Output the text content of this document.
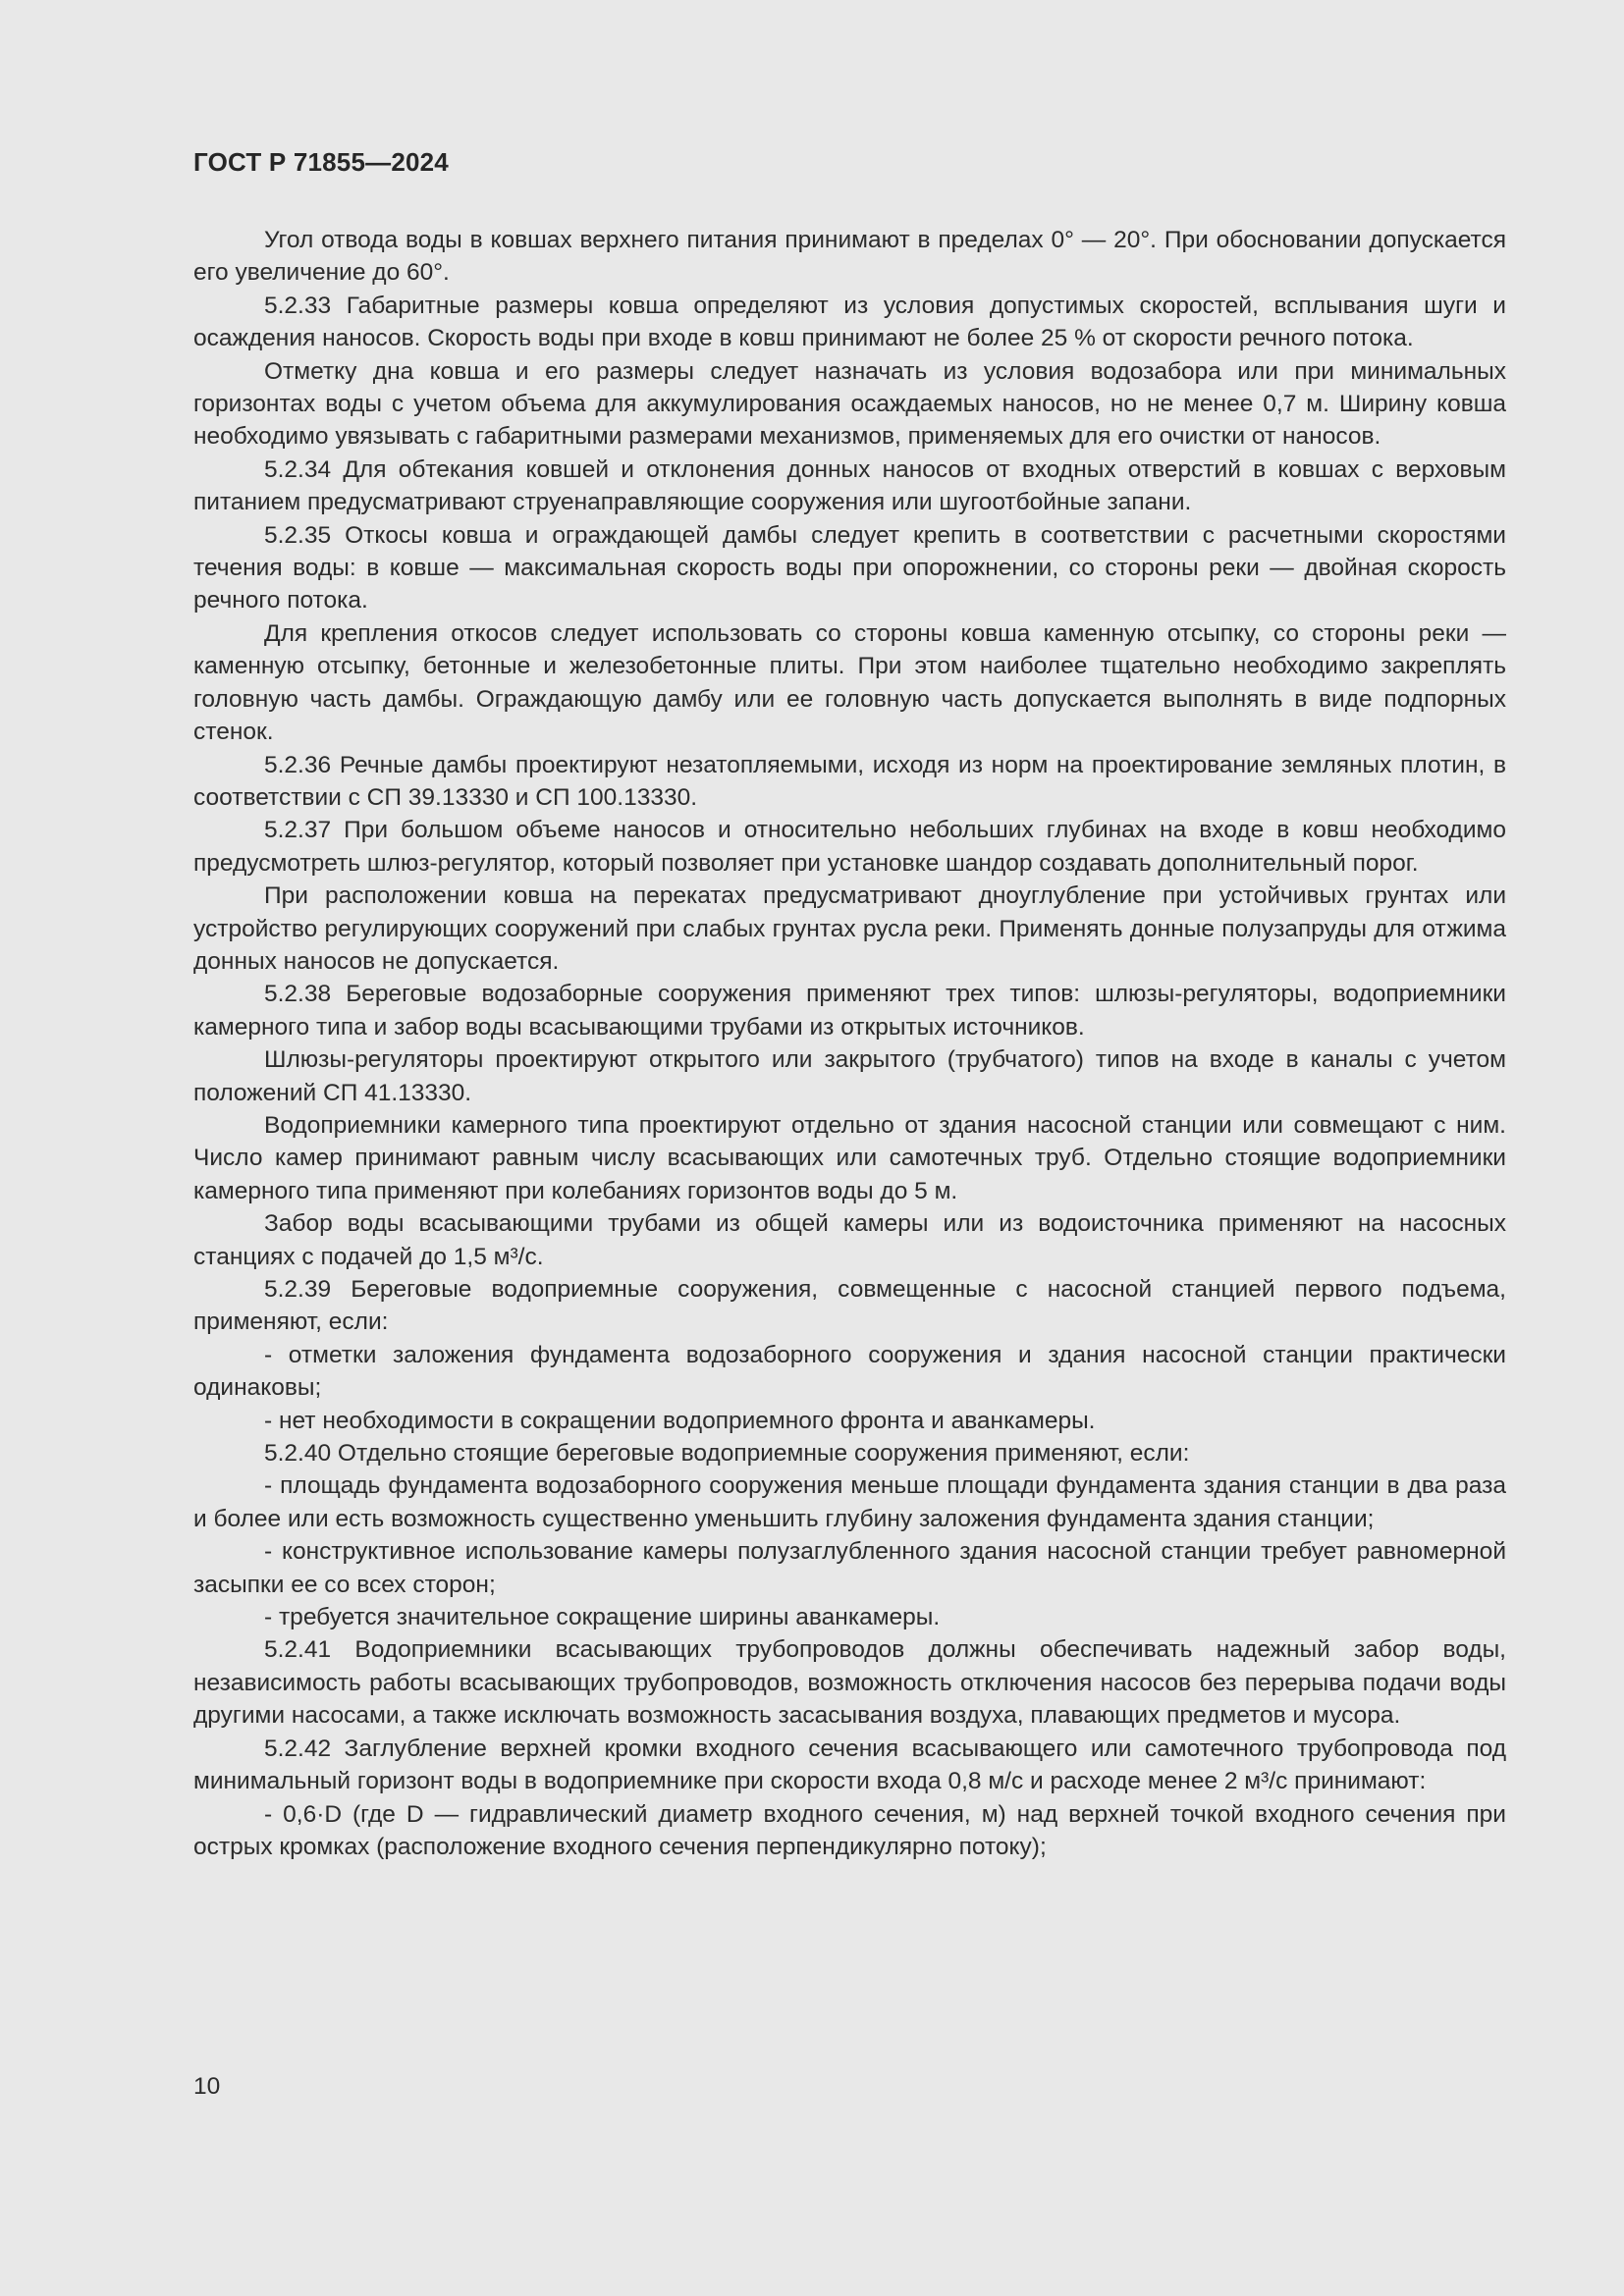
ГОСТ Р 71855—2024

Угол отвода воды в ковшах верхнего питания принимают в пределах 0° — 20°. При обосновании допускается его увеличение до 60°.

5.2.33 Габаритные размеры ковша определяют из условия допустимых скоростей, всплывания шуги и осаждения наносов. Скорость воды при входе в ковш принимают не более 25 % от скорости речного потока.

Отметку дна ковша и его размеры следует назначать из условия водозабора или при минимальных горизонтах воды с учетом объема для аккумулирования осаждаемых наносов, но не менее 0,7 м. Ширину ковша необходимо увязывать с габаритными размерами механизмов, применяемых для его очистки от наносов.

5.2.34 Для обтекания ковшей и отклонения донных наносов от входных отверстий в ковшах с верховым питанием предусматривают струенаправляющие сооружения или шугоотбойные запани.

5.2.35 Откосы ковша и ограждающей дамбы следует крепить в соответствии с расчетными скоростями течения воды: в ковше — максимальная скорость воды при опорожнении, со стороны реки — двойная скорость речного потока.

Для крепления откосов следует использовать со стороны ковша каменную отсыпку, со стороны реки — каменную отсыпку, бетонные и железобетонные плиты. При этом наиболее тщательно необходимо закреплять головную часть дамбы. Ограждающую дамбу или ее головную часть допускается выполнять в виде подпорных стенок.

5.2.36 Речные дамбы проектируют незатопляемыми, исходя из норм на проектирование земляных плотин, в соответствии с СП 39.13330 и СП 100.13330.

5.2.37 При большом объеме наносов и относительно небольших глубинах на входе в ковш необходимо предусмотреть шлюз-регулятор, который позволяет при установке шандор создавать дополнительный порог.

При расположении ковша на перекатах предусматривают дноуглубление при устойчивых грунтах или устройство регулирующих сооружений при слабых грунтах русла реки. Применять донные полузапруды для отжима донных наносов не допускается.

5.2.38 Береговые водозаборные сооружения применяют трех типов: шлюзы-регуляторы, водоприемники камерного типа и забор воды всасывающими трубами из открытых источников.

Шлюзы-регуляторы проектируют открытого или закрытого (трубчатого) типов на входе в каналы с учетом положений СП 41.13330.

Водоприемники камерного типа проектируют отдельно от здания насосной станции или совмещают с ним. Число камер принимают равным числу всасывающих или самотечных труб. Отдельно стоящие водоприемники камерного типа применяют при колебаниях горизонтов воды до 5 м.

Забор воды всасывающими трубами из общей камеры или из водоисточника применяют на насосных станциях с подачей до 1,5 м³/с.

5.2.39 Береговые водоприемные сооружения, совмещенные с насосной станцией первого подъема, применяют, если:

- отметки заложения фундамента водозаборного сооружения и здания насосной станции практически одинаковы;

- нет необходимости в сокращении водоприемного фронта и аванкамеры.

5.2.40 Отдельно стоящие береговые водоприемные сооружения применяют, если:

- площадь фундамента водозаборного сооружения меньше площади фундамента здания станции в два раза и более или есть возможность существенно уменьшить глубину заложения фундамента здания станции;

- конструктивное использование камеры полузаглубленного здания насосной станции требует равномерной засыпки ее со всех сторон;

- требуется значительное сокращение ширины аванкамеры.

5.2.41 Водоприемники всасывающих трубопроводов должны обеспечивать надежный забор воды, независимость работы всасывающих трубопроводов, возможность отключения насосов без перерыва подачи воды другими насосами, а также исключать возможность засасывания воздуха, плавающих предметов и мусора.

5.2.42 Заглубление верхней кромки входного сечения всасывающего или самотечного трубопровода под минимальный горизонт воды в водоприемнике при скорости входа 0,8 м/с и расходе менее 2 м³/с принимают:

- 0,6·D (где D — гидравлический диаметр входного сечения, м) над верхней точкой входного сечения при острых кромках (расположение входного сечения перпендикулярно потоку);

10
